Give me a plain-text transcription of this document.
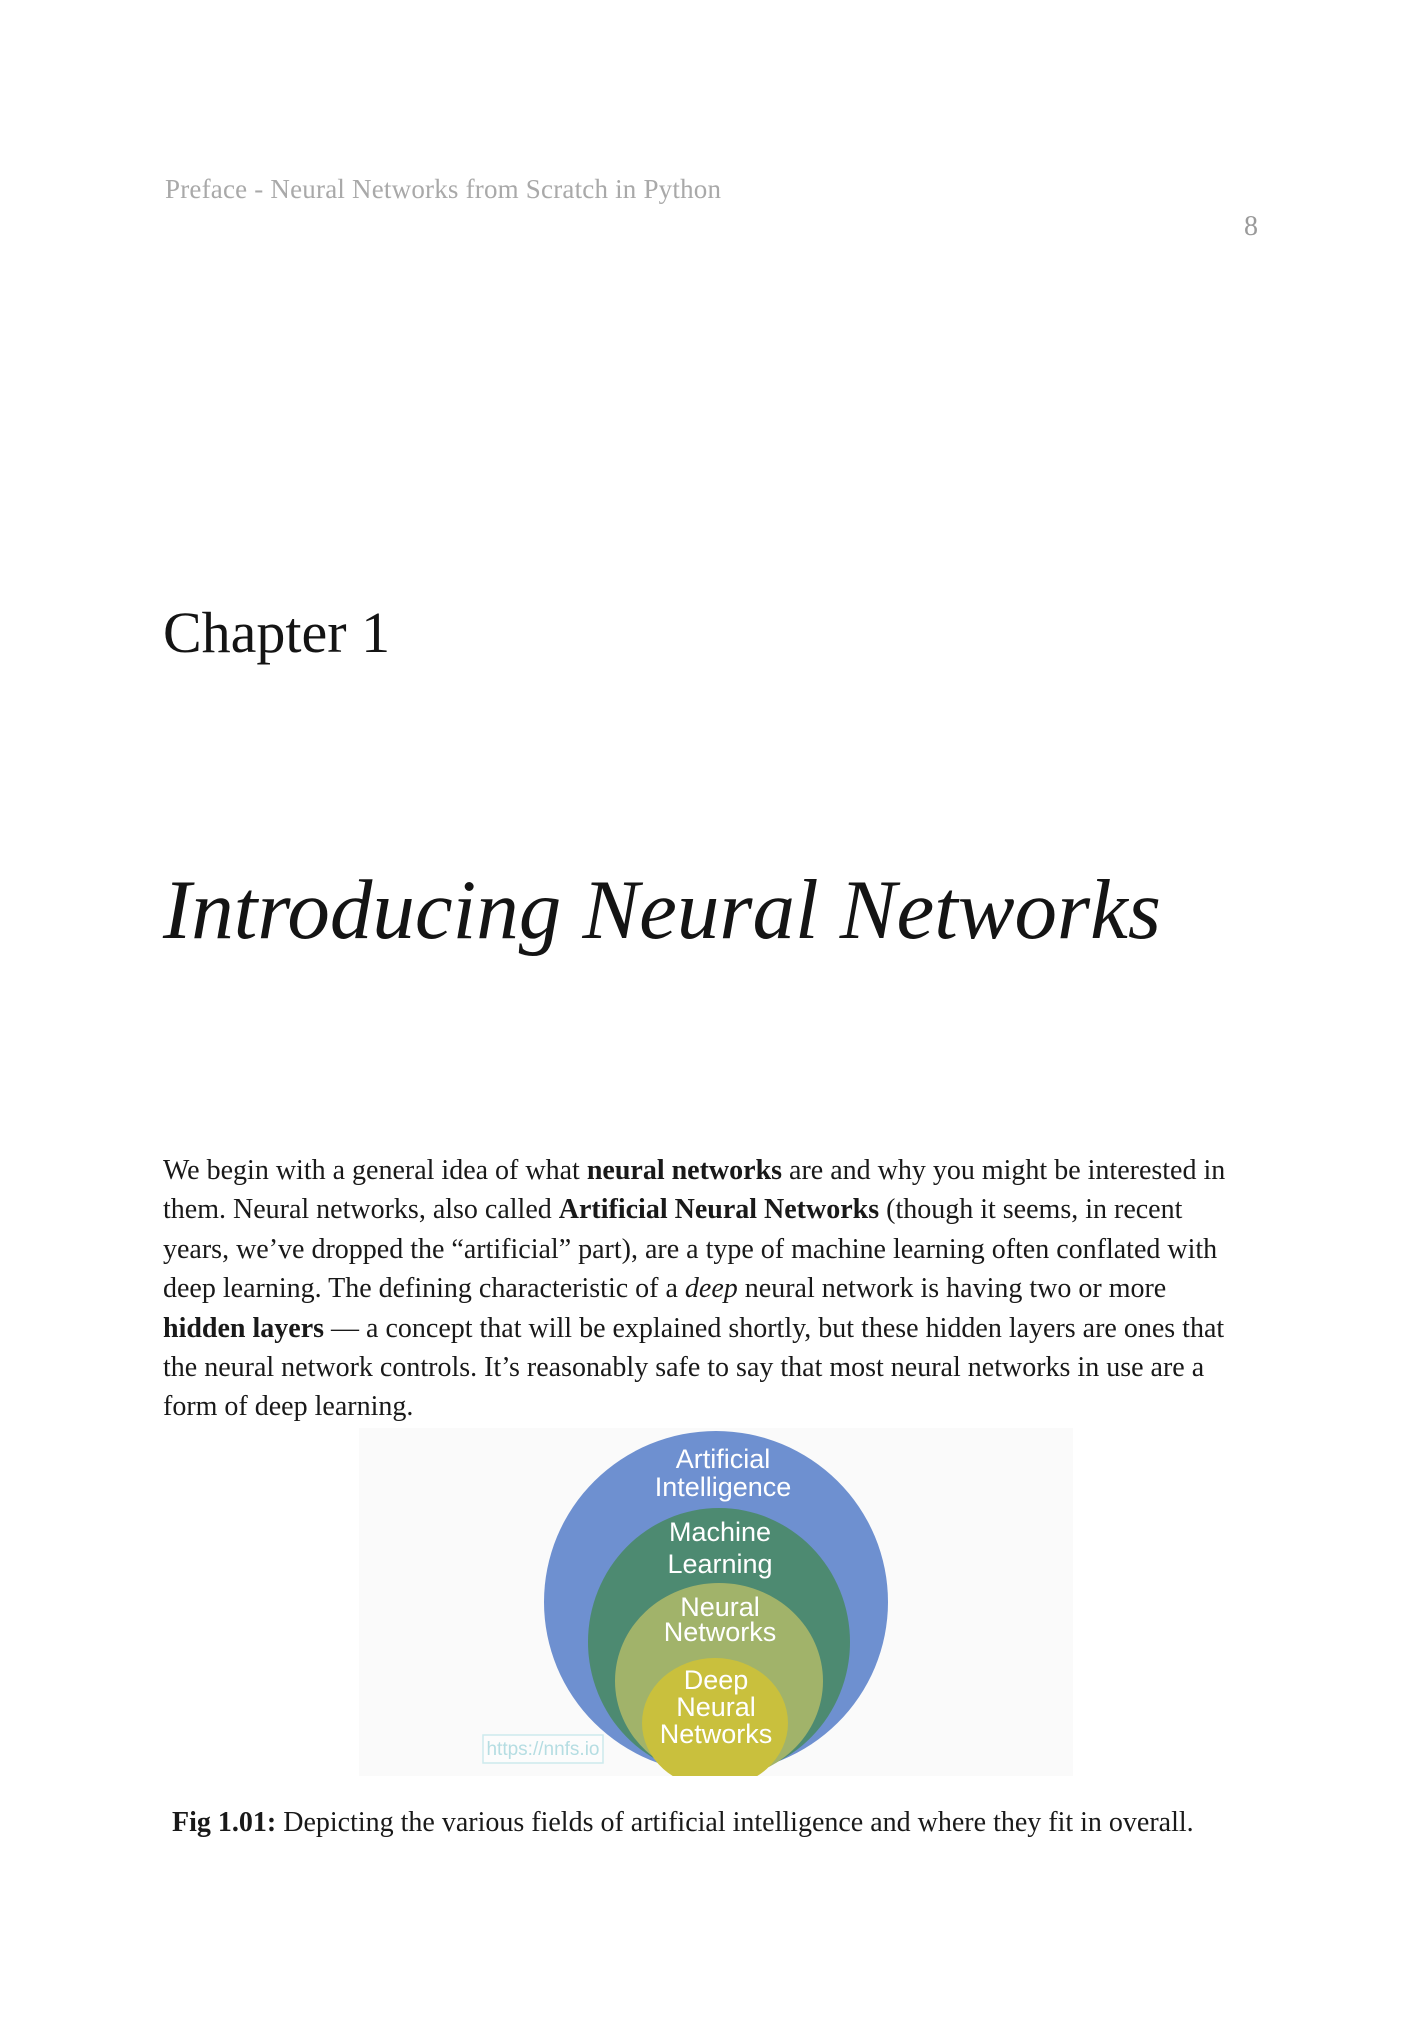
Preface - Neural Networks from Scratch in Python
8
Chapter 1
Introducing Neural Networks
We begin with a general idea of what neural networks are and why you might be interested in
them. Neural networks, also called Artificial Neural Networks (though it seems, in recent
years, we’ve dropped the “artificial” part), are a type of machine learning often conflated with
deep learning. The defining characteristic of a deep neural network is having two or more
hidden layers — a concept that will be explained shortly, but these hidden layers are ones that
the neural network controls. It’s reasonably safe to say that most neural networks in use are a
form of deep learning.
Artificial
Intelligence
Machine
Learning
Neural
Networks
Deep
Neural
Networks
https://nnfs.io
Fig 1.01: Depicting the various fields of artificial intelligence and where they fit in overall.
